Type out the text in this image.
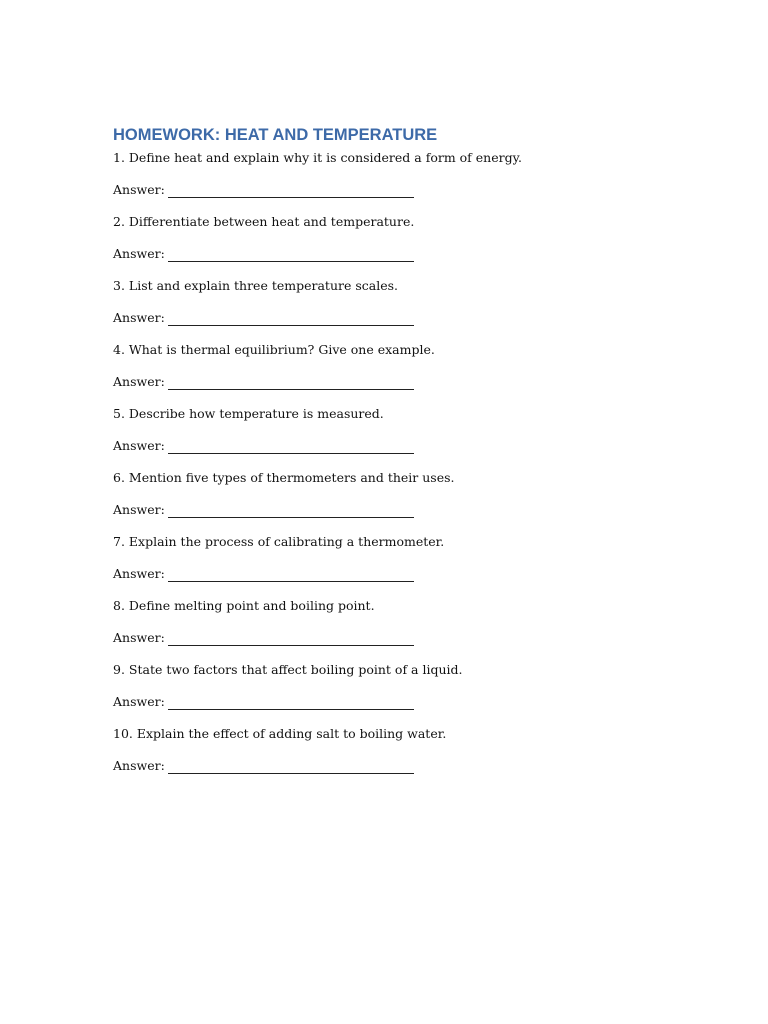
HOMEWORK: HEAT AND TEMPERATURE
1. Define heat and explain why it is considered a form of energy.
Answer:
2. Differentiate between heat and temperature.
Answer:
3. List and explain three temperature scales.
Answer:
4. What is thermal equilibrium? Give one example.
Answer:
5. Describe how temperature is measured.
Answer:
6. Mention five types of thermometers and their uses.
Answer:
7. Explain the process of calibrating a thermometer.
Answer:
8. Define melting point and boiling point.
Answer:
9. State two factors that affect boiling point of a liquid.
Answer:
10. Explain the effect of adding salt to boiling water.
Answer:
